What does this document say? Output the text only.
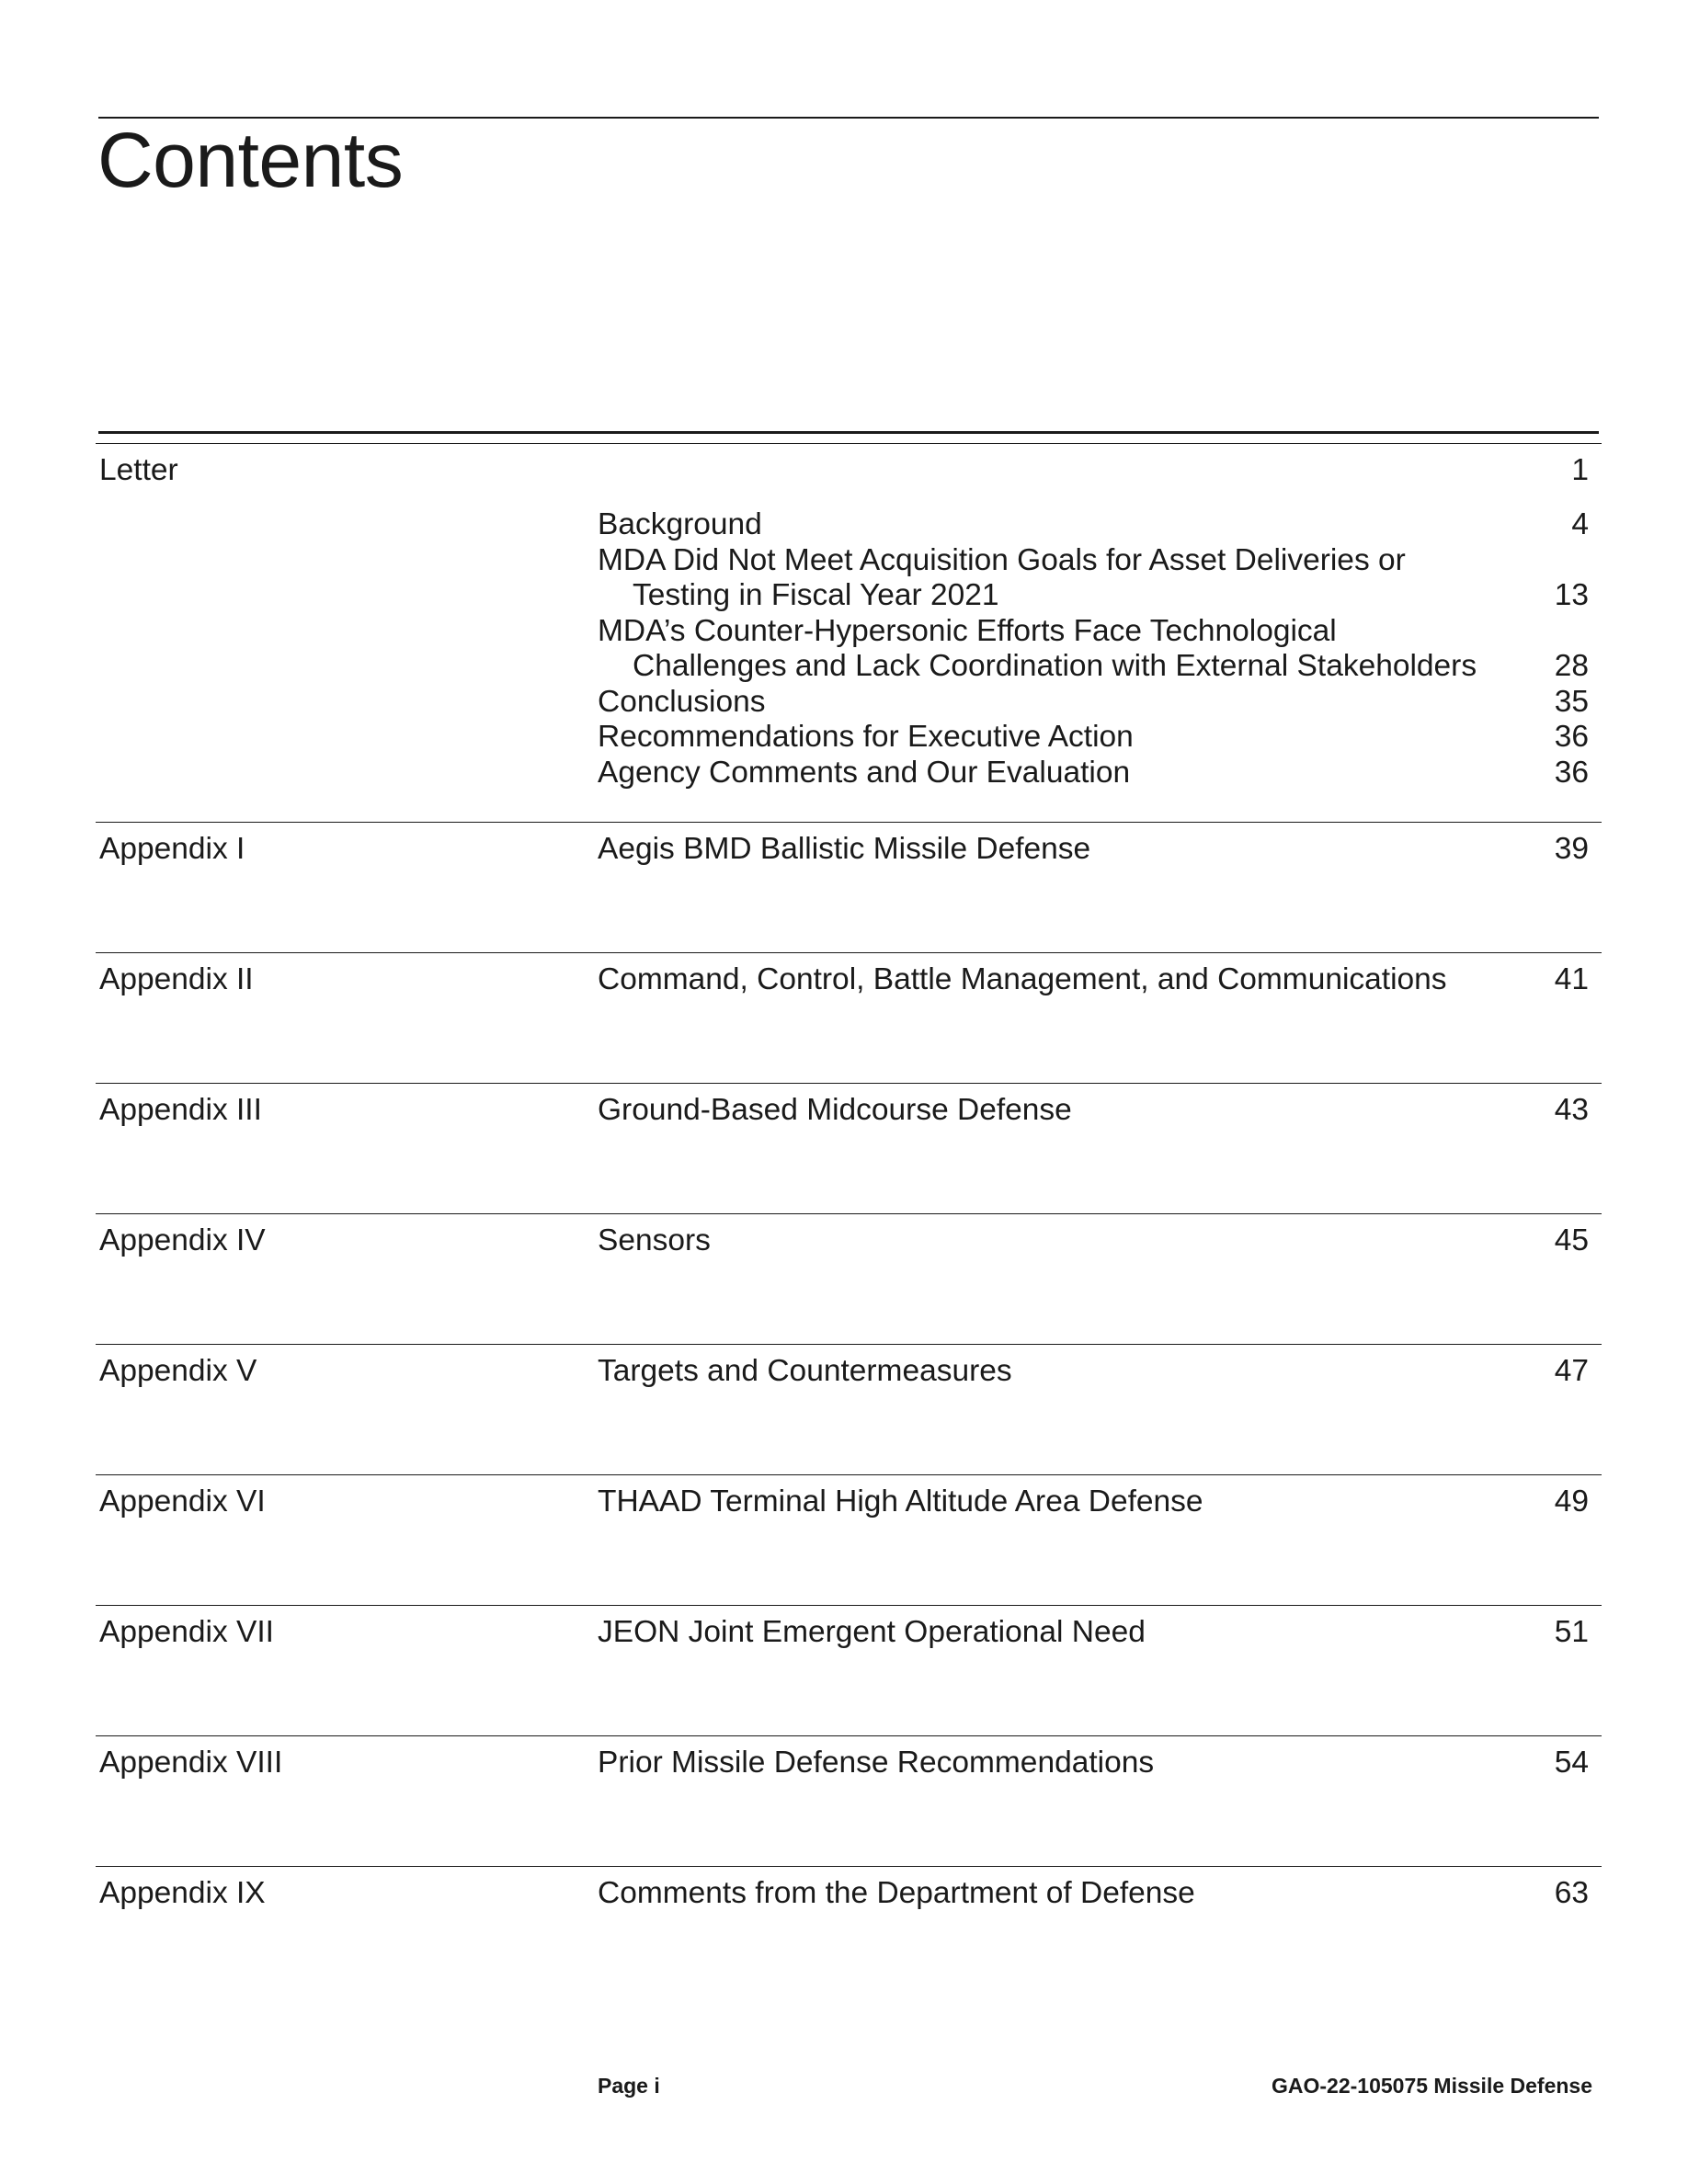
Contents
Letter	1
Background	4
MDA Did Not Meet Acquisition Goals for Asset Deliveries or
Testing in Fiscal Year 2021	13
MDA’s Counter-Hypersonic Efforts Face Technological
Challenges and Lack Coordination with External Stakeholders	28
Conclusions	35
Recommendations for Executive Action	36
Agency Comments and Our Evaluation	36
Appendix I	Aegis BMD Ballistic Missile Defense	39
Appendix II	Command, Control, Battle Management, and Communications	41
Appendix III	Ground-Based Midcourse Defense	43
Appendix IV	Sensors	45
Appendix V	Targets and Countermeasures	47
Appendix VI	THAAD Terminal High Altitude Area Defense	49
Appendix VII	JEON Joint Emergent Operational Need	51
Appendix VIII	Prior Missile Defense Recommendations	54
Appendix IX	Comments from the Department of Defense	63
Page i	GAO-22-105075 Missile Defense
